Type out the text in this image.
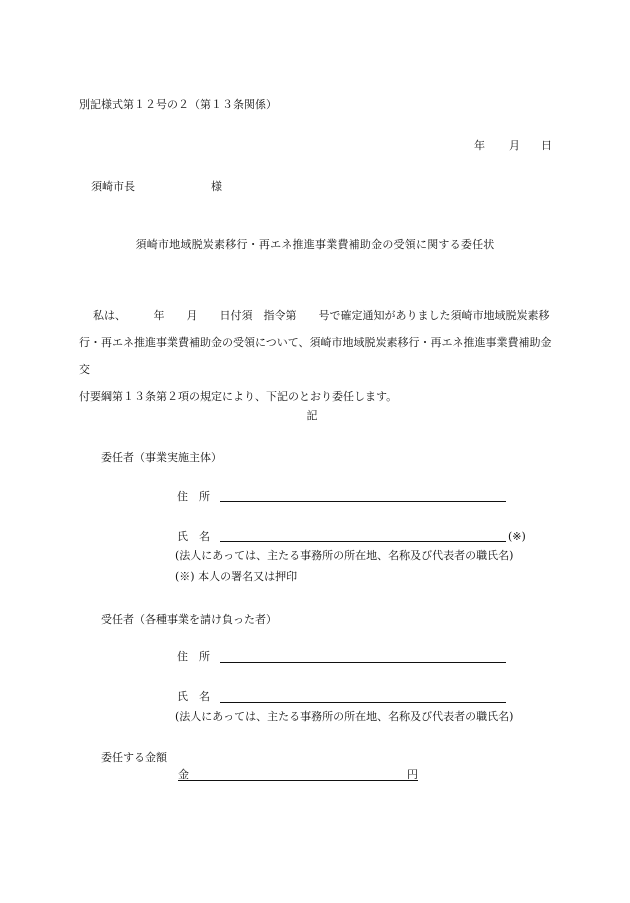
別記様式第１２号の２（第１３条関係）
年 月 日
須崎市長	様
須崎市地域脱炭素移行・再エネ推進事業費補助金の受領に関する委任状
私は、　　　年　　月　　日付須　指令第　　号で確定通知がありました須崎市地域脱炭素移
行・再エネ推進事業費補助金の受領について、須崎市地域脱炭素移行・再エネ推進事業費補助金交
付要綱第１３条第２項の規定により、下記のとおり委任します。
記
委任者（事業実施主体）
住　所
氏　名	(※)
(法人にあっては、主たる事務所の所在地、名称及び代表者の職氏名)
(※) 本人の署名又は押印
受任者（各種事業を請け負った者）
住　所
氏　名
(法人にあっては、主たる事務所の所在地、名称及び代表者の職氏名)
委任する金額
金	円
